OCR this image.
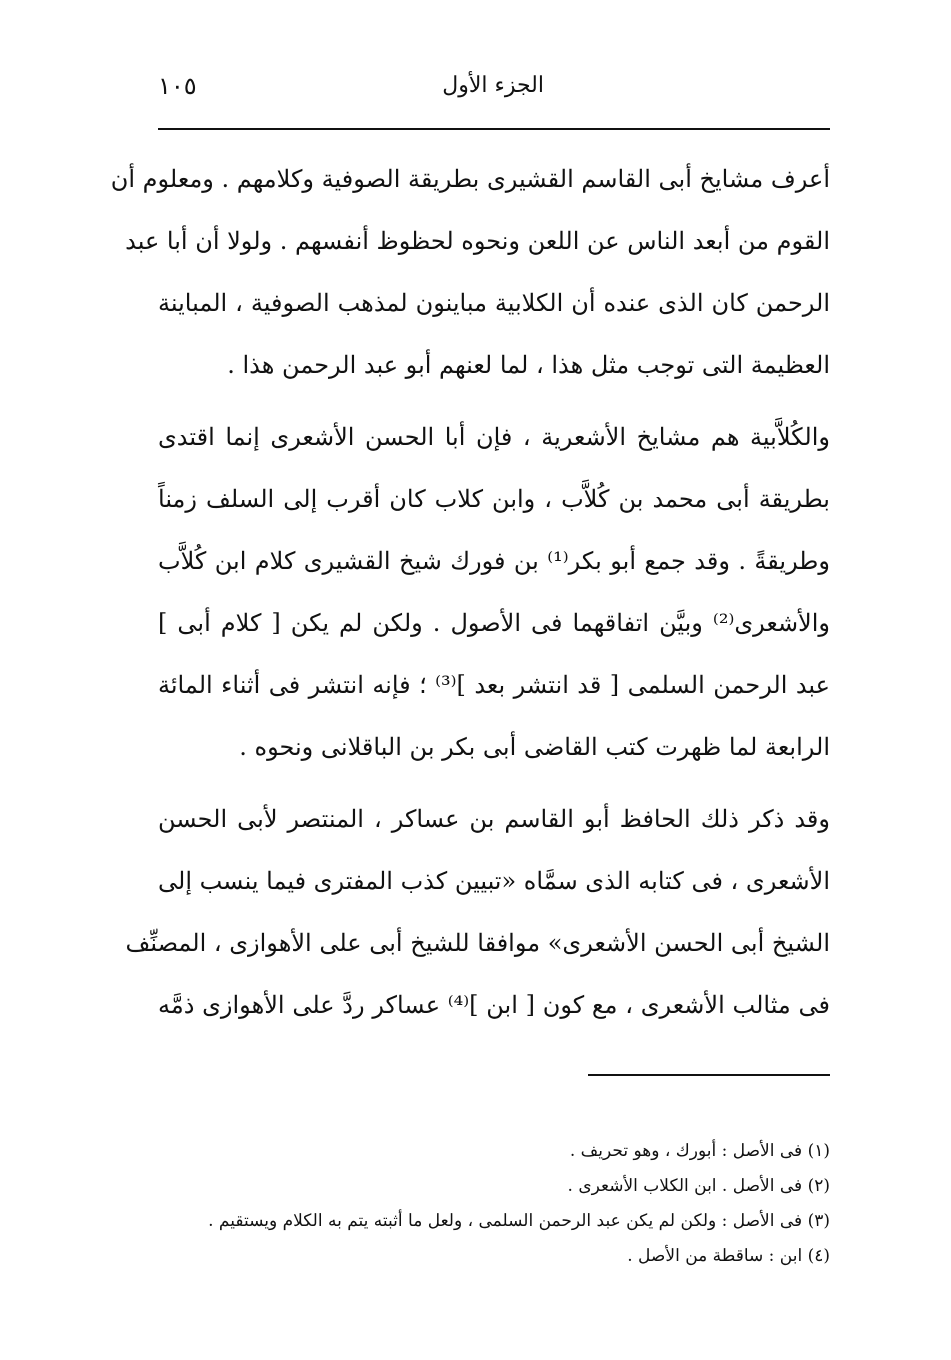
الجزء الأول
١٠٥

أعرف مشايخ أبى القاسم القشيرى بطريقة الصوفية وكلامهم . ومعلوم أن
القوم من أبعد الناس عن اللعن ونحوه لحظوظ أنفسهم . ولولا أن أبا عبد
الرحمن كان الذى عنده أن الكلابية مباينون لمذهب الصوفية ، المباينة
العظيمة التى توجب مثل هذا ، لما لعنهم أبو عبد الرحمن هذا .

والكُلاَّبية هم مشايخ الأشعرية ، فإن أبا الحسن الأشعرى إنما اقتدى
بطريقة أبى محمد بن كُلاَّب ، وابن كلاب كان أقرب إلى السلف زمناً
وطريقةً . وقد جمع أبو بكر⁽¹⁾ بن فورك شيخ القشيرى كلام ابن كُلاَّب
والأشعرى⁽²⁾ وبيَّن اتفاقهما فى الأصول . ولكن لم يكن [ كلام أبى ]
عبد الرحمن السلمى [ قد انتشر بعد ]⁽³⁾ ؛ فإنه انتشر فى أثناء المائة
الرابعة لما ظهرت كتب القاضى أبى بكر بن الباقلانى ونحوه .

وقد ذكر ذلك الحافظ أبو القاسم بن عساكر ، المنتصر لأبى الحسن
الأشعرى ، فى كتابه الذى سمَّاه «تبيين كذب المفترى فيما ينسب إلى
الشيخ أبى الحسن الأشعرى» موافقا للشيخ أبى على الأهوازى ، المصنِّف
فى مثالب الأشعرى ، مع كون [ ابن ]⁽⁴⁾ عساكر ردَّ على الأهوازى ذمَّه

(١) فى الأصل : أبورك ، وهو تحريف .
(٢) فى الأصل . ابن الكلاب الأشعرى .
(٣) فى الأصل : ولكن لم يكن عبد الرحمن السلمى ، ولعل ما أثبته يتم به الكلام ويستقيم .
(٤) ابن : ساقطة من الأصل .
